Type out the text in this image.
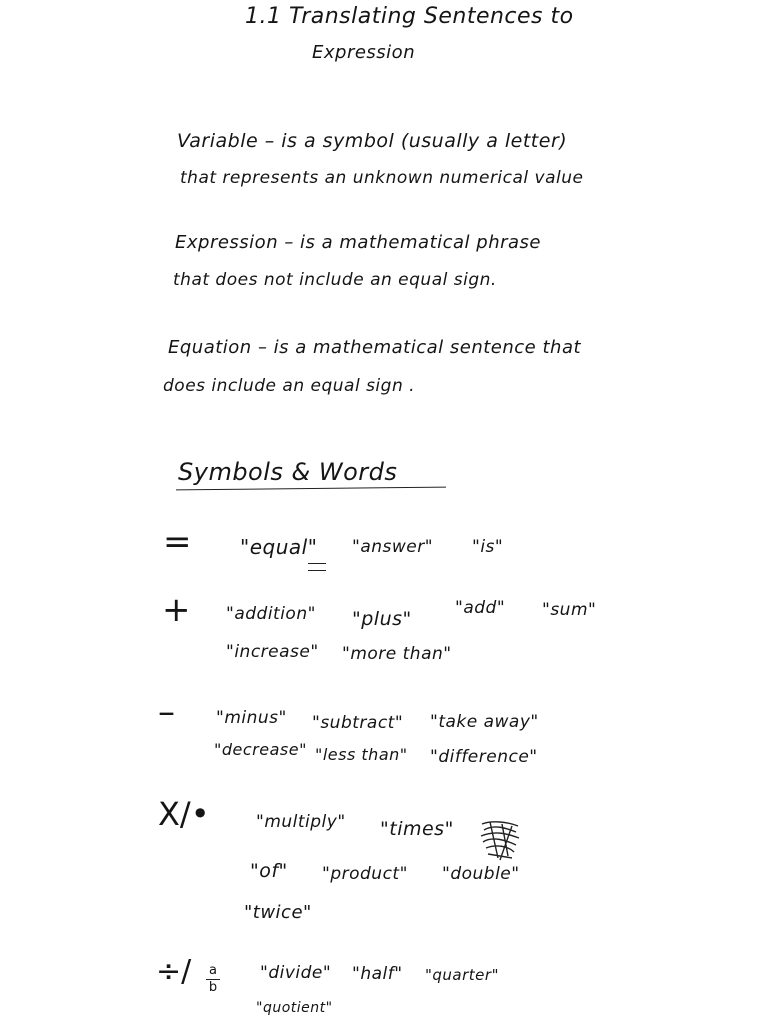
1.1 Translating Sentences to
Expression
Variable – is a symbol (usually a letter)
that represents an unknown numerical value
Expression – is a mathematical phrase
that does not include an equal sign.
Equation – is a mathematical sentence that
does include an equal sign .
Symbols & Words
= "equal" "answer" "is"
+ "addition" "plus"	"add" "sum"
"increase" "more than"
– "minus" "subtract" "take away"
"decrease" "less than" "difference"
X/•	"multiply" "times"
"of" "product" "double"
"twice"
÷/	a
b
"divide" "half" "quarter"
"quotient"
